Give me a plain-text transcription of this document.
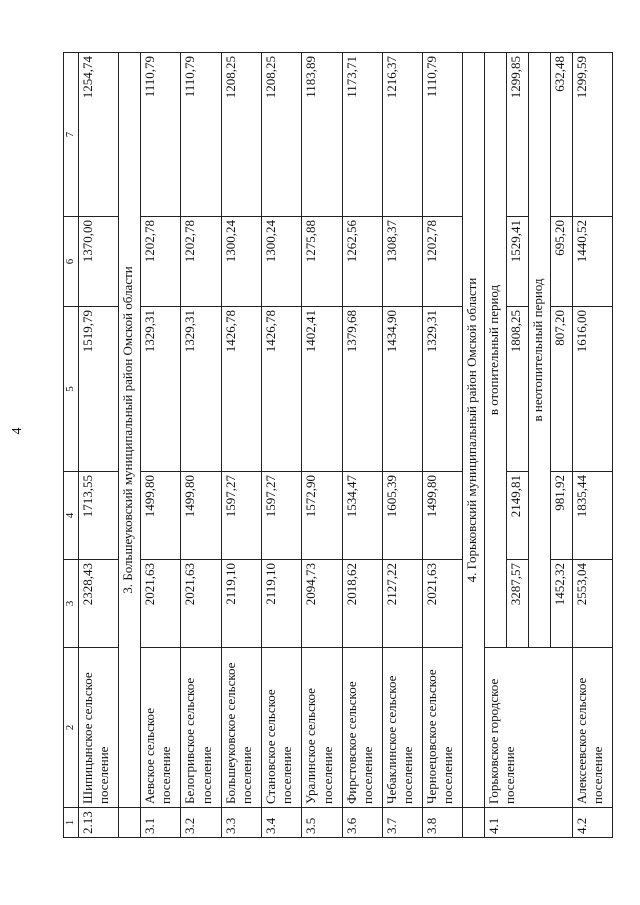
4
1	2	3	4	5	6	7
2.13	Шипицынское сельское поселение	2328,43	1713,55	1519,79	1370,00	1254,74
	3. Большеуковский муниципальный район Омской области					
3.1	Аевское сельское поселение	2021,63	1499,80	1329,31	1202,78	1110,79
3.2	Белогривское сельское поселение	2021,63	1499,80	1329,31	1202,78	1110,79
3.3	Большеуковское сельское поселение	2119,10	1597,27	1426,78	1300,24	1208,25
3.4	Становское сельское поселение	2119,10	1597,27	1426,78	1300,24	1208,25
3.5	Уралинское сельское поселение	2094,73	1572,90	1402,41	1275,88	1183,89
3.6	Фирстовское сельское поселение	2018,62	1534,47	1379,68	1262,56	1173,71
3.7	Чебаклинское сельское поселение	2127,22	1605,39	1434,90	1308,37	1216,37
3.8	Черноецовское сельское поселение	2021,63	1499,80	1329,31	1202,78	1110,79
	4. Горьковский муниципальный район Омской области					
4.1	Горьковское городское поселение	в отопительный период				
		3287,57	2149,81	1808,25	1529,41	1299,85
		в неотопительный период				
		1452,32	981,92	807,20	695,20	632,48
4.2	Алексеевское сельское поселение	2553,04	1835,44	1616,00	1440,52	1299,59
